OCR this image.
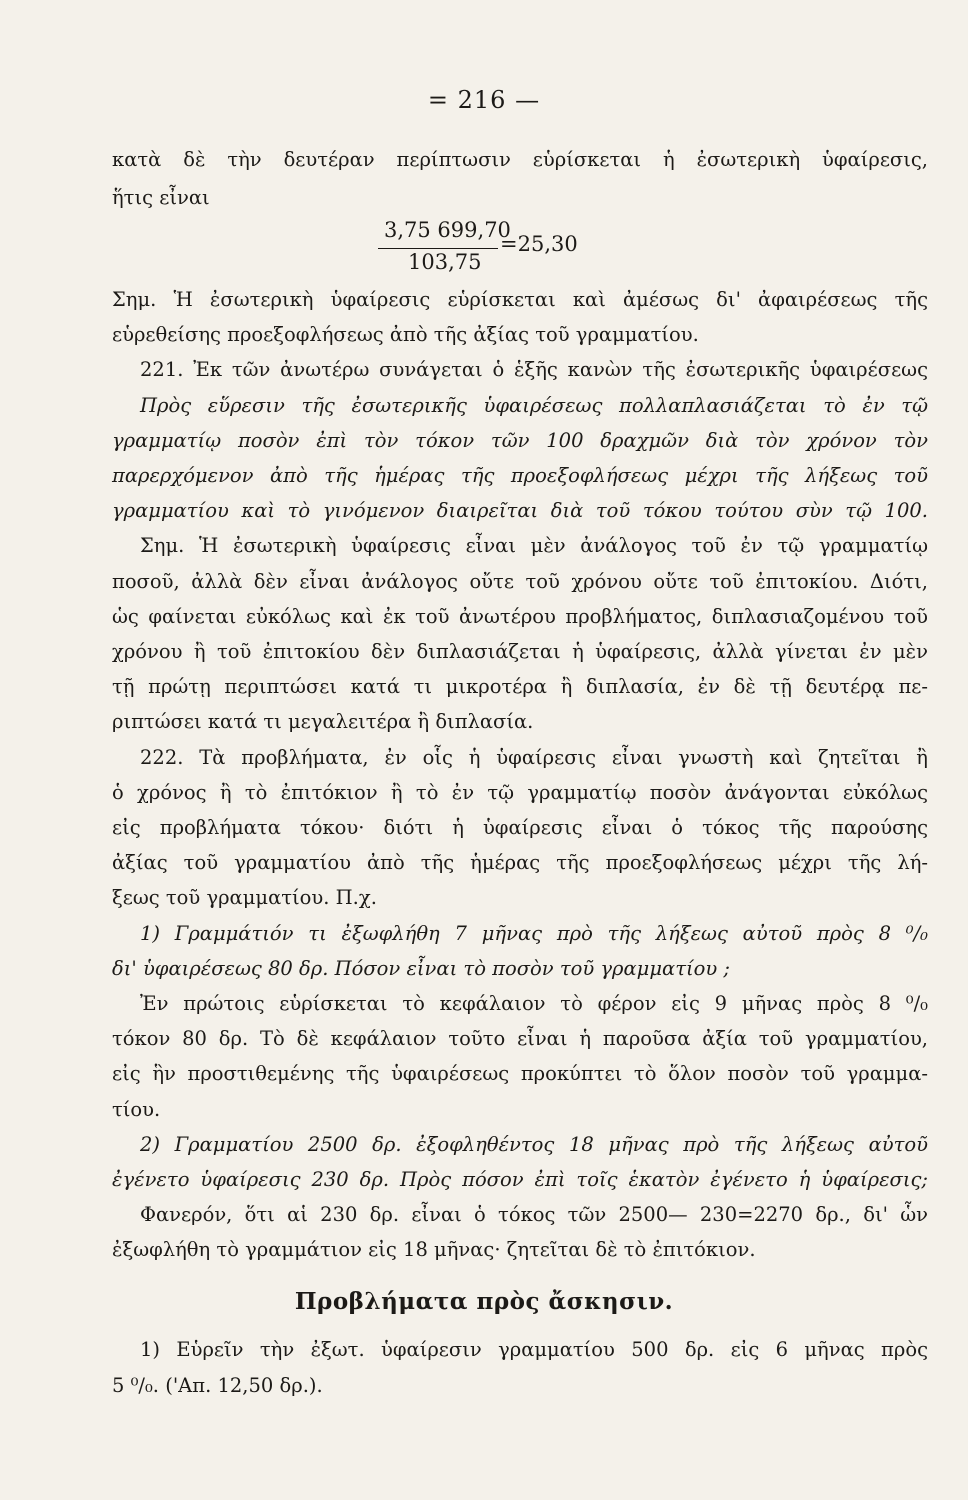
= 216 —
κατὰ δὲ τὴν δευτέραν περίπτωσιν εὑρίσκεται ἡ ἐσωτερικὴ ὑφαίρεσις,
ἥτις εἶναι
3,75 699,70
103,75
=25,30
Σημ. Ἡ ἐσωτερικὴ ὑφαίρεσις εὑρίσκεται καὶ ἀμέσως δι' ἀφαιρέσεως τῆς
εὑρεθείσης προεξοφλήσεως ἀπὸ τῆς ἀξίας τοῦ γραμματίου.
221. Ἐκ τῶν ἀνωτέρω συνάγεται ὁ ἑξῆς κανὼν τῆς ἐσωτερικῆς ὑφαιρέσεως
Πρὸς εὕρεσιν τῆς ἐσωτερικῆς ὑφαιρέσεως πολλαπλασιάζεται τὸ ἐν τῷ
γραμματίῳ ποσὸν ἐπὶ τὸν τόκον τῶν 100 δραχμῶν διὰ τὸν χρόνον τὸν
παρερχόμενον ἀπὸ τῆς ἡμέρας τῆς προεξοφλήσεως μέχρι τῆς λήξεως τοῦ
γραμματίου καὶ τὸ γινόμενον διαιρεῖται διὰ τοῦ τόκου τούτου σὺν τῷ 100.
Σημ. Ἡ ἐσωτερικὴ ὑφαίρεσις εἶναι μὲν ἀνάλογος τοῦ ἐν τῷ γραμματίῳ
ποσοῦ, ἀλλὰ δὲν εἶναι ἀνάλογος οὔτε τοῦ χρόνου οὔτε τοῦ ἐπιτοκίου. Διότι,
ὡς φαίνεται εὐκόλως καὶ ἐκ τοῦ ἀνωτέρου προβλήματος, διπλασιαζομένου τοῦ
χρόνου ἢ τοῦ ἐπιτοκίου δὲν διπλασιάζεται ἡ ὑφαίρεσις, ἀλλὰ γίνεται ἐν μὲν
τῇ πρώτῃ περιπτώσει κατά τι μικροτέρα ἢ διπλασία, ἐν δὲ τῇ δευτέρᾳ πε-
ριπτώσει κατά τι μεγαλειτέρα ἢ διπλασία.
222. Τὰ προβλήματα, ἐν οἷς ἡ ὑφαίρεσις εἶναι γνωστὴ καὶ ζητεῖται ἢ
ὁ χρόνος ἢ τὸ ἐπιτόκιον ἢ τὸ ἐν τῷ γραμματίῳ ποσὸν ἀνάγονται εὐκόλως
εἰς προβλήματα τόκου· διότι ἡ ὑφαίρεσις εἶναι ὁ τόκος τῆς παρούσης
ἀξίας τοῦ γραμματίου ἀπὸ τῆς ἡμέρας τῆς προεξοφλήσεως μέχρι τῆς λή-
ξεως τοῦ γραμματίου. Π.χ.
1) Γραμμάτιόν τι ἐξωφλήθη 7 μῆνας πρὸ τῆς λήξεως αὐτοῦ πρὸς 8 ⁰/₀
δι' ὑφαιρέσεως 80 δρ. Πόσον εἶναι τὸ ποσὸν τοῦ γραμματίου ;
Ἐν πρώτοις εὑρίσκεται τὸ κεφάλαιον τὸ φέρον εἰς 9 μῆνας πρὸς 8 ⁰/₀
τόκον 80 δρ. Τὸ δὲ κεφάλαιον τοῦτο εἶναι ἡ παροῦσα ἀξία τοῦ γραμματίου,
εἰς ἣν προστιθεμένης τῆς ὑφαιρέσεως προκύπτει τὸ ὅλον ποσὸν τοῦ γραμμα-
τίου.
2) Γραμματίου 2500 δρ. ἐξοφληθέντος 18 μῆνας πρὸ τῆς λήξεως αὐτοῦ
ἐγένετο ὑφαίρεσις 230 δρ. Πρὸς πόσον ἐπὶ τοῖς ἑκατὸν ἐγένετο ἡ ὑφαίρεσις;
Φανερόν, ὅτι αἱ 230 δρ. εἶναι ὁ τόκος τῶν 2500— 230=2270 δρ., δι' ὧν
ἐξωφλήθη τὸ γραμμάτιον εἰς 18 μῆνας· ζητεῖται δὲ τὸ ἐπιτόκιον.
Προβλήματα πρὸς ἄσκησιν.
1) Εὑρεῖν τὴν ἐξωτ. ὑφαίρεσιν γραμματίου 500 δρ. εἰς 6 μῆνας πρὸς
5 ⁰/₀. ('Απ. 12,50 δρ.).
